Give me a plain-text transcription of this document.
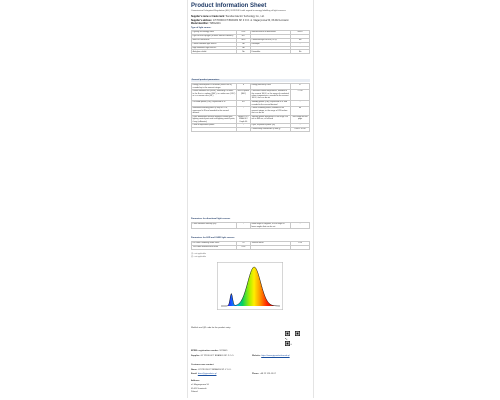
Product Information Sheet
Commission Delegated Regulation (EU) 2019/2015 with regard to energy labelling of light sources
Supplier's name or trade mark: Tianshan Electric Technology Co., Ltd.
Supplier's address: GT PRODUCT BRANDS SP. Z O.O. ul. Magazynowa 50, 05-092 Łomianki
Model identifier: TM6A2201
Type of light source:
Lighting technology used:	LED	Non-directional or directional:	NDLS
Light source cap-type (or other electric interface)	E27		
Mains or non-mains:	MLS	Connected light source (CLS):	No
Colour-tuneable light source:	No	Envelope:	-
High luminance light source:	No		
Anti-glare shield:	No	Dimmable:	No
General product parameters
Energy consumption in on-mode (kWh/1000 h), rounded up to the nearest integer	8	Energy efficiency class	E
Useful luminous flux (Φuse), indicating if it refers to the flux in a sphere (360°), in a wide cone (120°) or in a narrow cone (90°)	806 in sphere (360°)	Correlated colour temperature, rounded to the nearest 100 K, or the range of correlated colour temperatures, rounded to the nearest 100 K, that can be set	2 700
On-mode power (Pon), expressed in W	8.0	Standby power (Psb), expressed in W and rounded to the second decimal	-
Networked standby power (Pnet) for CLS, expressed in W and rounded to the second decimal	-	Colour rendering index, rounded to the nearest integer, or the range of CRI-values that can be set	80
Outer dimensions without separate control gear, lighting control parts and non-lighting control parts, if any (millimetre)	Height 120 / Width 60 / Depth 60	Spectral power distribution in the range 250 nm to 800 nm, at full-load	See image on last page
Claim of equivalent power	-	If yes, equivalent power (W)	-
		Chromaticity coordinates (x and y)	0.460 / 0.410
Parameters for directional light sources
Peak luminous intensity (cd)	-	Beam angle in degrees, or the range of beam angles that can be set	-
Parameters for LED and OLED light sources
R9 colour rendering index value	10	Survival factor	1.00
The lumen maintenance factor	0.96		
(1) - not applicable
(2) - not applicable
Weblink and QR code for the product entry:
EPREL registration number: 1879445
Supplier: GT PRODUCT BRANDS SP. Z O.O.	Website: https://www.gtproductbrands.pl
Customer care contact
Name: GT PRODUCT BRANDS SP. Z O.O.
Email: biuro@gtproducts.pl	Phone: +48 22 123 45 67
Address:
ul. Magazynowa 50
05-092 Łomianki
Poland
